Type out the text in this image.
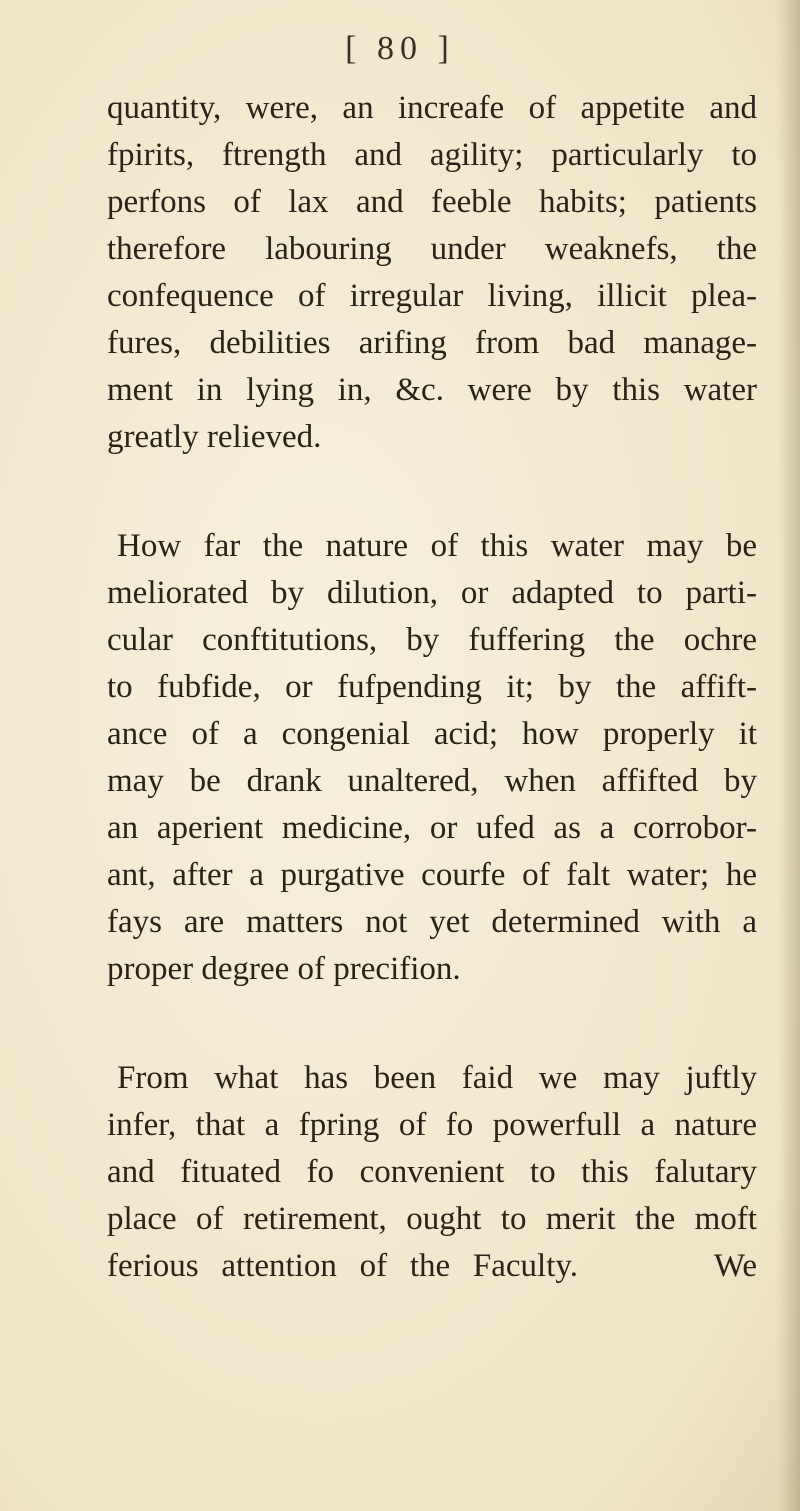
[ 80 ]
quantity, were, an increafe of appetite and
fpirits, ftrength and agility; particularly to
perfons of lax and feeble habits; patients
therefore labouring under weaknefs, the
confequence of irregular living, illicit plea-
fures, debilities arifing from bad manage-
ment in lying in, &c. were by this water
greatly relieved.
How far the nature of this water may be
meliorated by dilution, or adapted to parti-
cular conftitutions, by fuffering the ochre
to fubfide, or fufpending it; by the affift-
ance of a congenial acid; how properly it
may be drank unaltered, when affifted by
an aperient medicine, or ufed as a corrobor-
ant, after a purgative courfe of falt water; he
fays are matters not yet determined with a
proper degree of precifion.
From what has been faid we may juftly
infer, that a fpring of fo powerfull a nature
and fituated fo convenient to this falutary
place of retirement, ought to merit the moft
ferious attention of the Faculty.      We
